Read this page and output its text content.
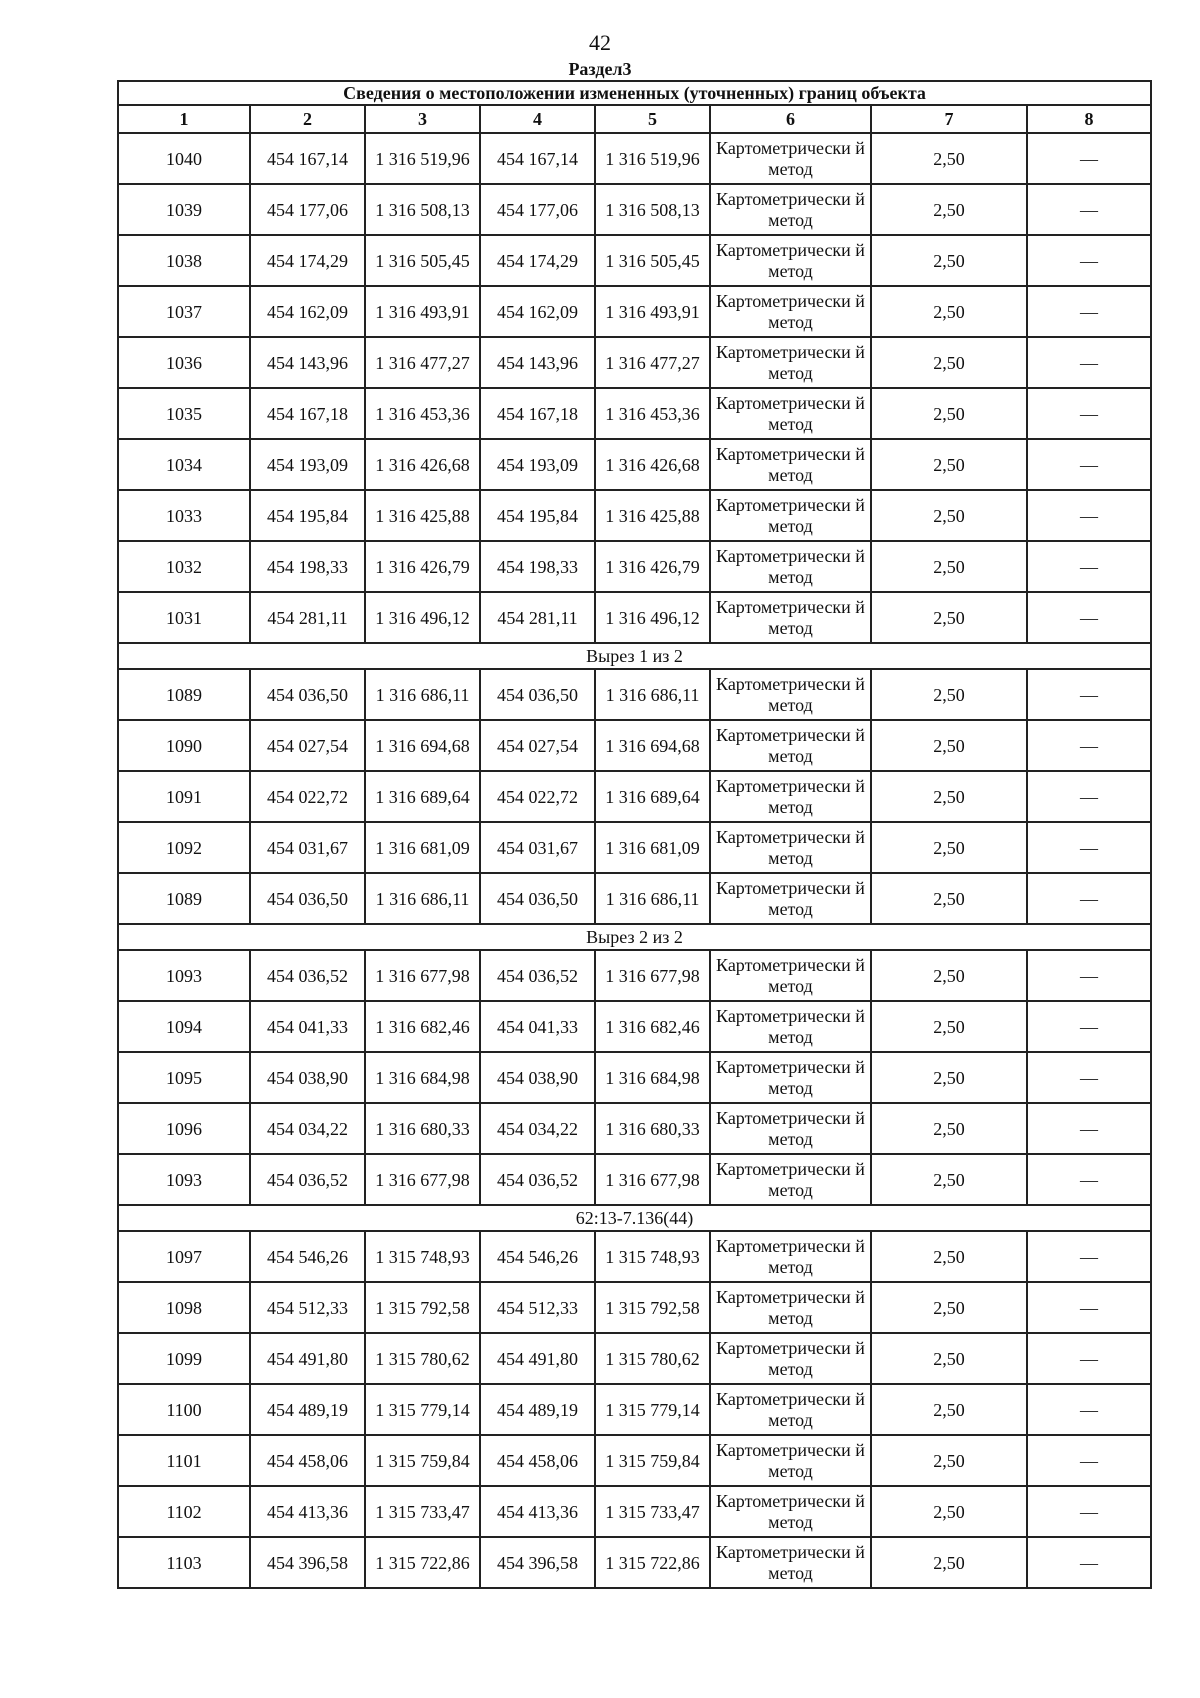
42
Раздел3
Сведения о местоположении измененных (уточненных) границ объекта							
1	2	3	4	5	6	7	8
1040	454 167,14	1 316 519,96	454 167,14	1 316 519,96	Картометрически й метод	2,50	—
1039	454 177,06	1 316 508,13	454 177,06	1 316 508,13	Картометрически й метод	2,50	—
1038	454 174,29	1 316 505,45	454 174,29	1 316 505,45	Картометрически й метод	2,50	—
1037	454 162,09	1 316 493,91	454 162,09	1 316 493,91	Картометрически й метод	2,50	—
1036	454 143,96	1 316 477,27	454 143,96	1 316 477,27	Картометрически й метод	2,50	—
1035	454 167,18	1 316 453,36	454 167,18	1 316 453,36	Картометрически й метод	2,50	—
1034	454 193,09	1 316 426,68	454 193,09	1 316 426,68	Картометрически й метод	2,50	—
1033	454 195,84	1 316 425,88	454 195,84	1 316 425,88	Картометрически й метод	2,50	—
1032	454 198,33	1 316 426,79	454 198,33	1 316 426,79	Картометрически й метод	2,50	—
1031	454 281,11	1 316 496,12	454 281,11	1 316 496,12	Картометрически й метод	2,50	—
Вырез 1 из 2							
1089	454 036,50	1 316 686,11	454 036,50	1 316 686,11	Картометрически й метод	2,50	—
1090	454 027,54	1 316 694,68	454 027,54	1 316 694,68	Картометрически й метод	2,50	—
1091	454 022,72	1 316 689,64	454 022,72	1 316 689,64	Картометрически й метод	2,50	—
1092	454 031,67	1 316 681,09	454 031,67	1 316 681,09	Картометрически й метод	2,50	—
1089	454 036,50	1 316 686,11	454 036,50	1 316 686,11	Картометрически й метод	2,50	—
Вырез 2 из 2							
1093	454 036,52	1 316 677,98	454 036,52	1 316 677,98	Картометрически й метод	2,50	—
1094	454 041,33	1 316 682,46	454 041,33	1 316 682,46	Картометрически й метод	2,50	—
1095	454 038,90	1 316 684,98	454 038,90	1 316 684,98	Картометрически й метод	2,50	—
1096	454 034,22	1 316 680,33	454 034,22	1 316 680,33	Картометрически й метод	2,50	—
1093	454 036,52	1 316 677,98	454 036,52	1 316 677,98	Картометрически й метод	2,50	—
62:13-7.136(44)							
1097	454 546,26	1 315 748,93	454 546,26	1 315 748,93	Картометрически й метод	2,50	—
1098	454 512,33	1 315 792,58	454 512,33	1 315 792,58	Картометрически й метод	2,50	—
1099	454 491,80	1 315 780,62	454 491,80	1 315 780,62	Картометрически й метод	2,50	—
1100	454 489,19	1 315 779,14	454 489,19	1 315 779,14	Картометрически й метод	2,50	—
1101	454 458,06	1 315 759,84	454 458,06	1 315 759,84	Картометрически й метод	2,50	—
1102	454 413,36	1 315 733,47	454 413,36	1 315 733,47	Картометрически й метод	2,50	—
1103	454 396,58	1 315 722,86	454 396,58	1 315 722,86	Картометрически й метод	2,50	—
